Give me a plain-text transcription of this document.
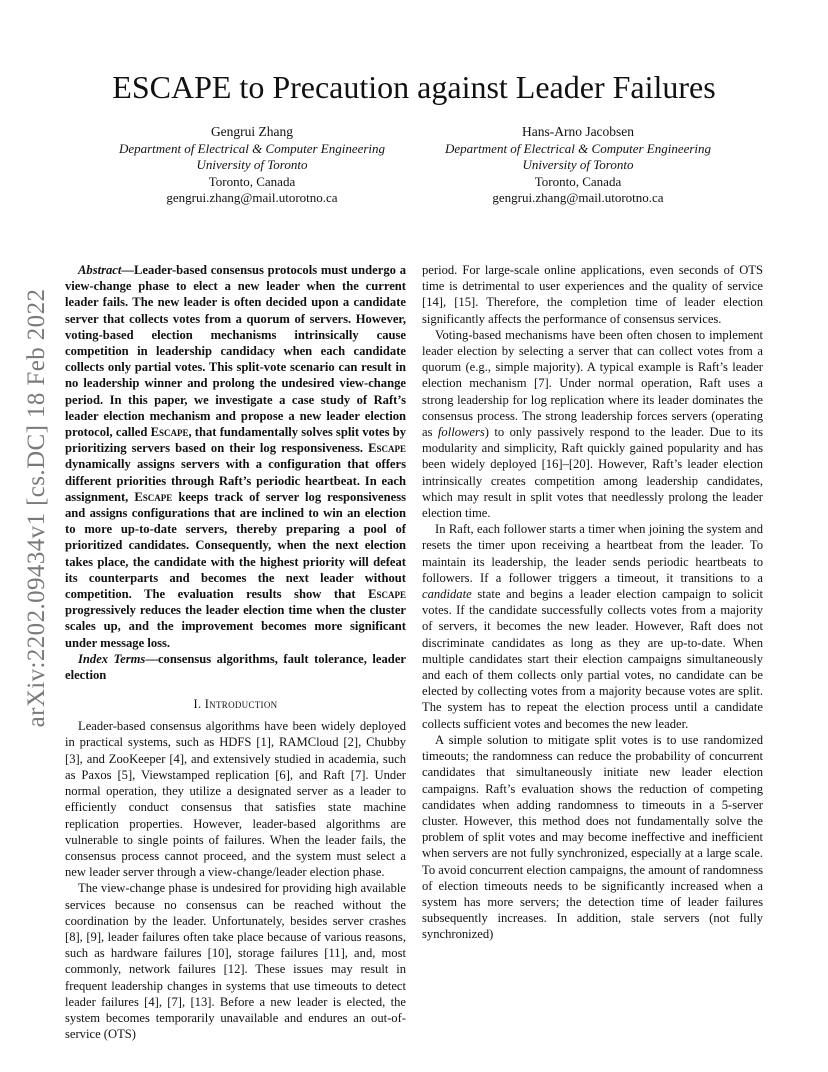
ESCAPE to Precaution against Leader Failures
Gengrui Zhang
Department of Electrical & Computer Engineering
University of Toronto
Toronto, Canada
gengrui.zhang@mail.utorotno.ca
Hans-Arno Jacobsen
Department of Electrical & Computer Engineering
University of Toronto
Toronto, Canada
gengrui.zhang@mail.utorotno.ca
arXiv:2202.09434v1 [cs.DC] 18 Feb 2022

Abstract—Leader-based consensus protocols must undergo a view-change phase to elect a new leader when the current leader fails. The new leader is often decided upon a candidate server that collects votes from a quorum of servers. However, voting-based election mechanisms intrinsically cause competition in leadership candidacy when each candidate collects only partial votes. This split-vote scenario can result in no leadership winner and prolong the undesired view-change period. In this paper, we investigate a case study of Raft’s leader election mechanism and propose a new leader election protocol, called Escape, that fundamentally solves split votes by prioritizing servers based on their log responsiveness. Escape dynamically assigns servers with a configuration that offers different priorities through Raft’s periodic heartbeat. In each assignment, Escape keeps track of server log responsiveness and assigns configurations that are inclined to win an election to more up-to-date servers, thereby preparing a pool of prioritized candidates. Consequently, when the next election takes place, the candidate with the highest priority will defeat its counterparts and becomes the next leader without competition. The evaluation results show that Escape progressively reduces the leader election time when the cluster scales up, and the improvement becomes more significant under message loss.

Index Terms—consensus algorithms, fault tolerance, leader election

I. Introduction

Leader-based consensus algorithms have been widely deployed in practical systems, such as HDFS [1], RAMCloud [2], Chubby [3], and ZooKeeper [4], and extensively studied in academia, such as Paxos [5], Viewstamped replication [6], and Raft [7]. Under normal operation, they utilize a designated server as a leader to efficiently conduct consensus that satisfies state machine replication properties. However, leader-based algorithms are vulnerable to single points of failures. When the leader fails, the consensus process cannot proceed, and the system must select a new leader server through a view-change/leader election phase.

The view-change phase is undesired for providing high available services because no consensus can be reached without the coordination by the leader. Unfortunately, besides server crashes [8], [9], leader failures often take place because of various reasons, such as hardware failures [10], storage failures [11], and, most commonly, network failures [12]. These issues may result in frequent leadership changes in systems that use timeouts to detect leader failures [4], [7], [13]. Before a new leader is elected, the system becomes temporarily unavailable and endures an out-of-service (OTS)

period. For large-scale online applications, even seconds of OTS time is detrimental to user experiences and the quality of service [14], [15]. Therefore, the completion time of leader election significantly affects the performance of consensus services.

Voting-based mechanisms have been often chosen to implement leader election by selecting a server that can collect votes from a quorum (e.g., simple majority). A typical example is Raft’s leader election mechanism [7]. Under normal operation, Raft uses a strong leadership for log replication where its leader dominates the consensus process. The strong leadership forces servers (operating as followers) to only passively respond to the leader. Due to its modularity and simplicity, Raft quickly gained popularity and has been widely deployed [16]–[20]. However, Raft’s leader election intrinsically creates competition among leadership candidates, which may result in split votes that needlessly prolong the leader election time.

In Raft, each follower starts a timer when joining the system and resets the timer upon receiving a heartbeat from the leader. To maintain its leadership, the leader sends periodic heartbeats to followers. If a follower triggers a timeout, it transitions to a candidate state and begins a leader election campaign to solicit votes. If the candidate successfully collects votes from a majority of servers, it becomes the new leader. However, Raft does not discriminate candidates as long as they are up-to-date. When multiple candidates start their election campaigns simultaneously and each of them collects only partial votes, no candidate can be elected by collecting votes from a majority because votes are split. The system has to repeat the election process until a candidate collects sufficient votes and becomes the new leader.

A simple solution to mitigate split votes is to use randomized timeouts; the randomness can reduce the probability of concurrent candidates that simultaneously initiate new leader election campaigns. Raft’s evaluation shows the reduction of competing candidates when adding randomness to timeouts in a 5-server cluster. However, this method does not fundamentally solve the problem of split votes and may become ineffective and inefficient when servers are not fully synchronized, especially at a large scale. To avoid concurrent election campaigns, the amount of randomness of election timeouts needs to be significantly increased when a system has more servers; the detection time of leader failures subsequently increases. In addition, stale servers (not fully synchronized)
